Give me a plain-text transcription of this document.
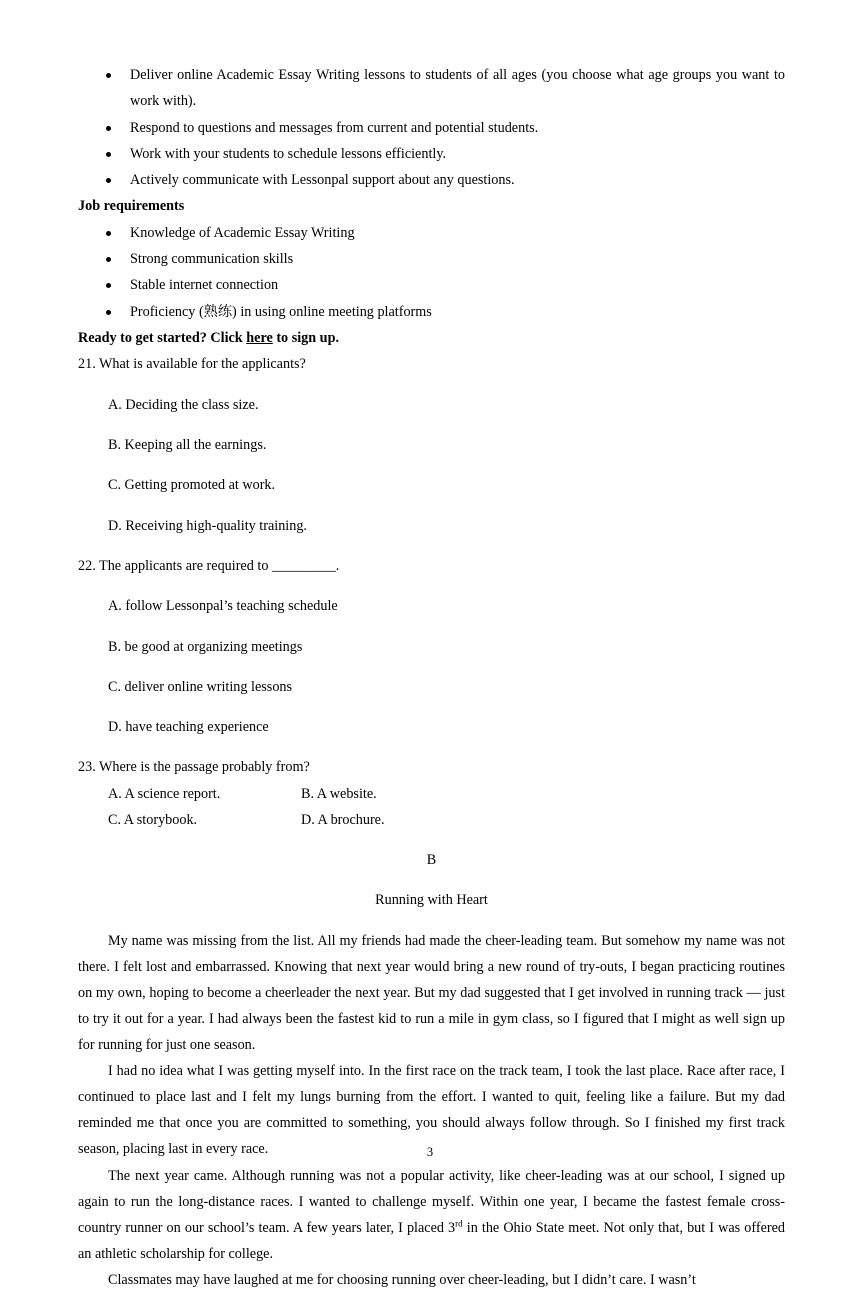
Deliver online Academic Essay Writing lessons to students of all ages (you choose what age groups you want to work with).
Respond to questions and messages from current and potential students.
Work with your students to schedule lessons efficiently.
Actively communicate with Lessonpal support about any questions.

Job requirements

Knowledge of Academic Essay Writing
Strong communication skills
Stable internet connection
Proficiency (熟练) in using online meeting platforms

Ready to get started? Click here to sign up.

21. What is available for the applicants?

A. Deciding the class size.

B. Keeping all the earnings.

C. Getting promoted at work.

D. Receiving high-quality training.

22. The applicants are required to _________.

A. follow Lessonpal’s teaching schedule

B. be good at organizing meetings

C. deliver online writing lessons

D. have teaching experience

23. Where is the passage probably from?

A. A science report.	B. A website.
C. A storybook.	D. A brochure.

B

Running with Heart

My name was missing from the list. All my friends had made the cheer-leading team. But somehow my name was not there. I felt lost and embarrassed. Knowing that next year would bring a new round of try-outs, I began practicing routines on my own, hoping to become a cheerleader the next year. But my dad suggested that I get involved in running track — just to try it out for a year. I had always been the fastest kid to run a mile in gym class, so I figured that I might as well sign up for running for just one season.

I had no idea what I was getting myself into. In the first race on the track team, I took the last place. Race after race, I continued to place last and I felt my lungs burning from the effort. I wanted to quit, feeling like a failure. But my dad reminded me that once you are committed to something, you should always follow through. So I finished my first track season, placing last in every race.

The next year came. Although running was not a popular activity, like cheer-leading was at our school, I signed up again to run the long-distance races. I wanted to challenge myself. Within one year, I became the fastest female cross-country runner on our school’s team. A few years later, I placed 3rd in the Ohio State meet. Not only that, but I was offered an athletic scholarship for college.

Classmates may have laughed at me for choosing running over cheer-leading, but I didn’t care. I wasn’t

3
